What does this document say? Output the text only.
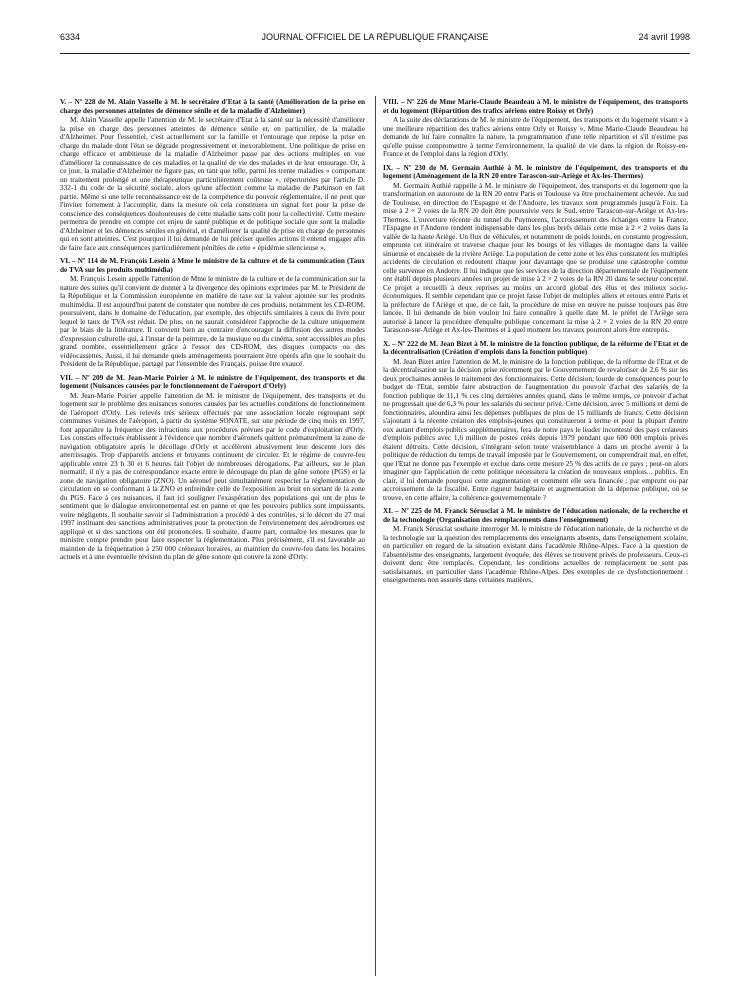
6334	JOURNAL OFFICIEL DE LA RÉPUBLIQUE FRANÇAISE	24 avril 1998

V. – Nº 228 de M. Alain Vasselle à M. le secrétaire d'Etat à la santé (Amélioration de la prise en charge des personnes atteintes de démence sénile et de la maladie d'Alzheimer)

M. Alain Vasselle appelle l'attention de M. le secrétaire d'Etat à la santé sur la nécessité d'améliorer la prise en charge des personnes atteintes de démence sénile et, en particulier, de la maladie d'Alzheimer. Pour l'essentiel, c'est actuellement sur la famille et l'entourage que repose la prise en charge du malade dont l'état se dégrade progressivement et inexorablement. Une politique de prise en charge efficace et ambitieuse de la maladie d'Alzheimer passe par des actions multiples en vue d'améliorer la connaissance de ces maladies et la qualité de vie des malades et de leur entourage. Or, à ce jour, la maladie d'Alzheimer ne figure pas, en tant que telle, parmi les trente maladies « comportant un traitement prolongé et une thérapeutique particulièrement coûteuse », répertoriées par l'article D. 332-1 du code de la sécurité sociale, alors qu'une affection comme la maladie de Parkinson en fait partie. Même si une telle reconnaissance est de la compétence du pouvoir réglementaire, il ne peut que l'inviter fortement à l'accomplir, dans la mesure où cela constituera un signal fort pour la prise de conscience des conséquences douloureuses de cette maladie sans coût pour la collectivité. Cette mesure permettra de prendre en compte cet enjeu de santé publique et de politique sociale que sont la maladie d'Alzheimer et les démences séniles en général, et d'améliorer la qualité de prise en charge de personnes qui en sont atteintes. C'est pourquoi il lui demande de lui préciser quelles actions il entend engager afin de faire face aux conséquences particulièrement pénibles de cette « épidémie silencieuse ».

VI. – Nº 114 de M. François Lesein à Mme le ministre de la culture et de la communication (Taux de TVA sur les produits multimédia)

M. François Lesein appelle l'attention de Mme le ministre de la culture et de la communication sur la nature des suites qu'il convient de donner à la divergence des opinions exprimées par M. le Président de la République et la Commission européenne en matière de taxe sur la valeur ajoutée sur les produits multimédia. Il est aujourd'hui patent de constater que nombre de ces produits, notamment les CD-ROM, poursuivent, dans le domaine de l'éducation, par exemple, des objectifs similaires à ceux du livre pour lequel le taux de TVA est réduit. De plus, on ne saurait considérer l'approche de la culture uniquement par le biais de la littérature. Il convient bien au contraire d'encourager la diffusion des autres modes d'expression culturelle qui, à l'instar de la peinture, de la musique ou du cinéma, sont accessibles au plus grand nombre, essentiellement grâce à l'essor des CD-ROM, des disques compacts ou des vidéocassettes. Aussi, il lui demande quels aménagements pourraient être opérés afin que le souhait du Président de la République, partagé par l'ensemble des Français, puisse être exaucé.

VII. – Nº 209 de M. Jean-Marie Poirier à M. le ministre de l'équipement, des transports et du logement (Nuisances causées par le fonctionnement de l'aéroport d'Orly)

M. Jean-Marie Poirier appelle l'attention de M. le ministre de l'équipement, des transports et du logement sur le problème des nuisances sonores causées par les actuelles conditions de fonctionnement de l'aéroport d'Orly. Les relevés très sérieux effectués par une association locale regroupant sept communes voisines de l'aéroport, à partir du système SONATE, sur une période de cinq mois en 1997, font apparaître la fréquence des infractions aux procédures prévues par le code d'exploitation d'Orly. Les constats effectués établissent à l'évidence que nombre d'aéronefs quittent prématurément la zone de navigation obligatoire après le décollage d'Orly et accélèrent abusivement leur descente lors des atterrissages. Trop d'appareils anciens et bruyants continuent de circuler. Et le régime de couvre-feu applicable entre 23 h 30 et 6 heures fait l'objet de nombreuses dérogations. Par ailleurs, sur le plan normatif, il n'y a pas de correspondance exacte entre le découpage du plan de gêne sonore (PGS) et la zone de navigation obligatoire (ZNO). Un aéronef peut simultanément respecter la réglementation de circulation en se conformant à la ZNO et enfreindre celle de l'exposition au bruit en sortant de la zone du PGS. Face à ces nuisances, il faut ici souligner l'exaspération des populations qui ont de plus le sentiment que le dialogue environnemental est en panne et que les pouvoirs publics sont impuissants, voire négligents. Il souhaite savoir si l'administration a procédé à des contrôles, si le décret du 27 mai 1997 instituant des sanctions administratives pour la protection de l'environnement des aérodromes est appliqué et si des sanctions ont été prononcées. Il souhaite, d'autre part, connaître les mesures que le ministre compte prendre pour faire respecter la réglementation. Plus précisément, s'il est favorable au maintien de la fréquentation à 250 000 créneaux horaires, au maintien du couvre-feu dans les horaires actuels et à une éventuelle révision du plan de gêne sonore qui couvre la zone d'Orly.

VIII. – Nº 226 de Mme Marie-Claude Beaudeau à M. le ministre de l'équipement, des transports et du logement (Répartition des trafics aériens entre Roissy et Orly)

A la suite des déclarations de M. le ministre de l'équipement, des transports et du logement visant « à une meilleure répartition des trafics aériens entre Orly et Roissy », Mme Marie-Claude Beaudeau lui demande de lui faire connaître la nature, la programmation d'une telle répartition et s'il n'estime pas qu'elle puisse compromettre à terme l'environnement, la qualité de vie dans la région de Roissy-en-France et de l'emploi dans la région d'Orly.

IX. – Nº 230 de M. Germain Authié à M. le ministre de l'équipement, des transports et du logement (Aménagement de la RN 20 entre Tarascon-sur-Ariège et Ax-les-Thermes)

M. Germain Authié rappelle à M. le ministre de l'équipement, des transports et du logement que la transformation en autoroute de la RN 20 entre Paris et Toulouse va être prochainement achevée. Au sud de Toulouse, en direction de l'Espagne et de l'Andorre, les travaux sont programmés jusqu'à Foix. La mise à 2 × 2 voies de la RN 20 doit être poursuivie vers le Sud, entre Tarascon-sur-Ariège et Ax-les-Thermes. L'ouverture récente du tunnel du Puymorens, l'accroissement des échanges entre la France, l'Espagne et l'Andorre rendent indispensable dans les plus brefs délais cette mise à 2 × 2 voies dans la vallée de la haute Ariège. Un flux de véhicules, et notamment de poids lourds, en constante progression, emprunte cet itinéraire et traverse chaque jour les bourgs et les villages de montagne dans la vallée sinueuse et encaissée de la rivière Ariège. La population de cette zone et les élus constatent les multiples accidents de circulation et redoutent chaque jour davantage que se produise une catastrophe comme celle survenue en Andorre. Il lui indique que les services de la direction départementale de l'équipement ont établi depuis plusieurs années un projet de mise à 2 × 2 voies de la RN 20 dans le secteur concerné. Ce projet a recueilli à deux reprises au moins un accord global des élus et des milieux socio-économiques. Il semble cependant que ce projet fasse l'objet de multiples allers et retours entre Paris et la préfecture de l'Ariège et que, de ce fait, la procédure de mise en œuvre ne puisse toujours pas être lancée. Il lui demande de bien vouloir lui faire connaître à quelle date M. le préfet de l'Ariège sera autorisé à lancer la procédure d'enquête publique concernant la mise à 2 × 2 voies de la RN 20 entre Tarascon-sur-Ariège et Ax-les-Thermes et à quel moment les travaux pourront alors être entrepris.

X. – Nº 222 de M. Jean Bizet à M. le ministre de la fonction publique, de la réforme de l'Etat et de la décentralisation (Création d'emplois dans la fonction publique)

M. Jean Bizet attire l'attention de M. le ministre de la fonction publique, de la réforme de l'Etat et de la décentralisation sur la décision prise récemment par le Gouvernement de revaloriser de 2,6 % sur les deux prochaines années le traitement des fonctionnaires. Cette décision, lourde de conséquences pour le budget de l'Etat, semble faire abstraction de l'augmentation du pouvoir d'achat des salariés de la fonction publique de 11,1 % ces cinq dernières années quand, dans le même temps, ce pouvoir d'achat ne progressait que de 6,3 % pour les salariés du secteur privé. Cette décision, avec 5 millions et demi de fonctionnaires, alourdira ainsi les dépenses publiques de plus de 15 milliards de francs. Cette décision s'ajoutant à la récente création des emplois-jeunes qui constitueront à terme et pour la plupart d'entre eux autant d'emplois publics supplémentaires, fera de notre pays le leader incontesté des pays créateurs d'emplois publics avec 1,6 million de postes créés depuis 1979 pendant que 600 000 emplois privés étaient détruits. Cette décision, s'intégrant selon toute vraisemblance à dans un proche avenir à la politique de réduction du temps de travail imposée par le Gouvernement, on comprendrait mal, en effet, que l'Etat ne donne pas l'exemple et exclue dans cette mesure 25 % des actifs de ce pays ; peut-on alors imaginer que l'application de cette politique nécessitera la création de nouveaux emplois... publics. En clair, il lui demande pourquoi cette augmentation et comment elle sera financée : par emprunt ou par accroissement de la fiscalité. Entre rigueur budgétaire et augmentation de la dépense publique, où se trouve, en cette affaire, la cohérence gouvernementale ?

XI. – Nº 225 de M. Franck Sérusclat à M. le ministre de l'éducation nationale, de la recherche et de la technologie (Organisation des remplacements dans l'enseignement)

M. Franck Sérusclat souhaite interroger M. le ministre de l'éducation nationale, de la recherche et de la technologie sur la question des remplacements des enseignants absents, dans l'enseignement scolaire, en particulier en regard de la situation existant dans l'académie Rhône-Alpes. Face à la question de l'absentéisme des enseignants, largement évoquée, des élèves se trouvent privés de professeurs. Ceux-ci doivent donc être remplacés. Cependant, les conditions actuelles de remplacement ne sont pas satisfaisantes, en particulier dans l'académie Rhône-Alpes. Des exemples de ce dysfonctionnement : enseignements non assurés dans certaines matières,
